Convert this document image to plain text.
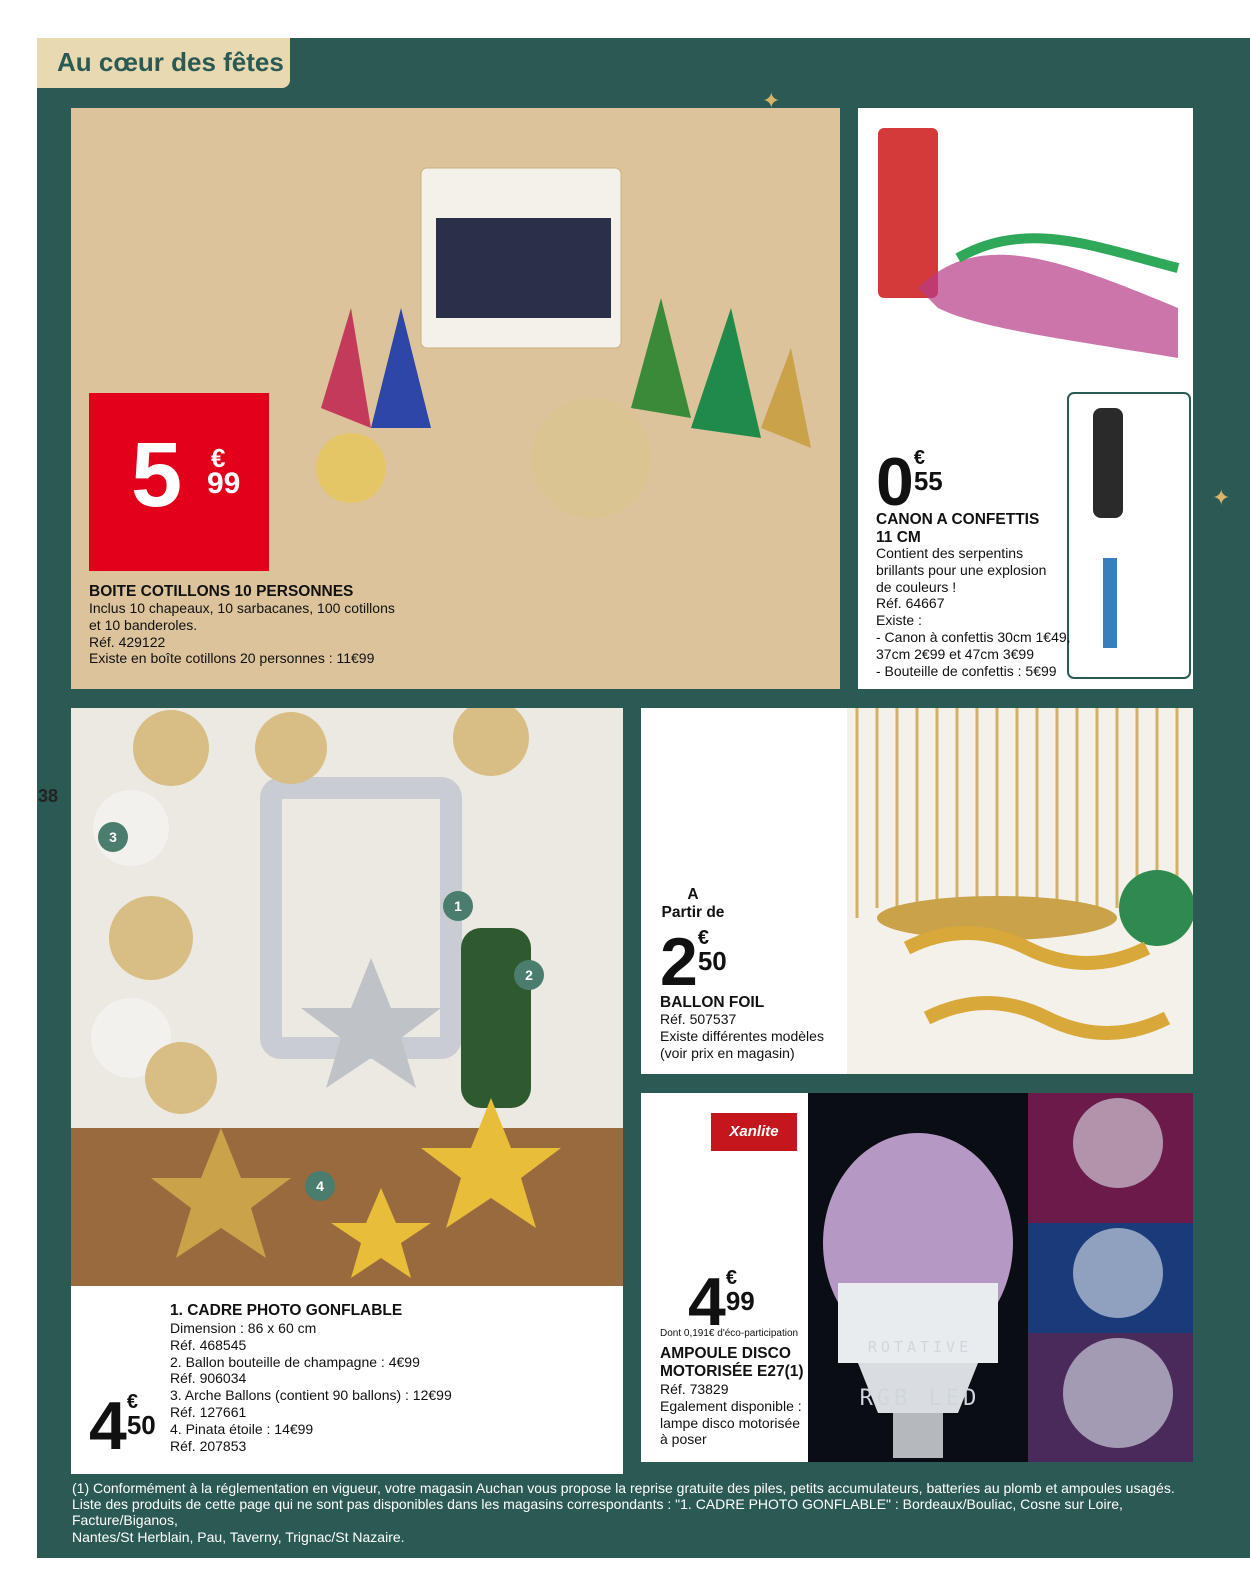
Au cœur des fêtes
38
5 €
99
BOITE COTILLONS 10 PERSONNES
Inclus 10 chapeaux, 10 sarbacanes, 100 cotillons
et 10 banderoles.
Réf. 429122
Existe en boîte cotillons 20 personnes : 11€99
0 €
55
CANON A CONFETTIS
11 CM
Contient des serpentins
brillants pour une explosion
de couleurs !
Réf. 64667
Existe :
- Canon à confettis 30cm 1€49,
37cm 2€99 et 47cm 3€99
- Bouteille de confettis : 5€99
1
2
3
4
4 €
50
1. CADRE PHOTO GONFLABLE
Dimension : 86 x 60 cm
Réf. 468545
2. Ballon bouteille de champagne : 4€99
Réf. 906034
3. Arche Ballons (contient 90 ballons) : 12€99
Réf. 127661
4. Pinata étoile : 14€99
Réf. 207853
A
Partir de
2 €
50
BALLON FOIL
Réf. 507537
Existe différentes modèles
(voir prix en magasin)
Xanlite

ROTATIVE

RGB LED

4 €
99
Dont 0,191€ d'éco-participation
AMPOULE DISCO
MOTORISÉE E27(1)
Réf. 73829
Egalement disponible :
lampe disco motorisée
à poser
✦
✦
(1) Conformément à la réglementation en vigueur, votre magasin Auchan vous propose la reprise gratuite des piles, petits accumulateurs, batteries au plomb et ampoules usagés.
Liste des produits de cette page qui ne sont pas disponibles dans les magasins correspondants : "1. CADRE PHOTO GONFLABLE" : Bordeaux/Bouliac, Cosne sur Loire, Facture/Biganos,
Nantes/St Herblain, Pau, Taverny, Trignac/St Nazaire.
